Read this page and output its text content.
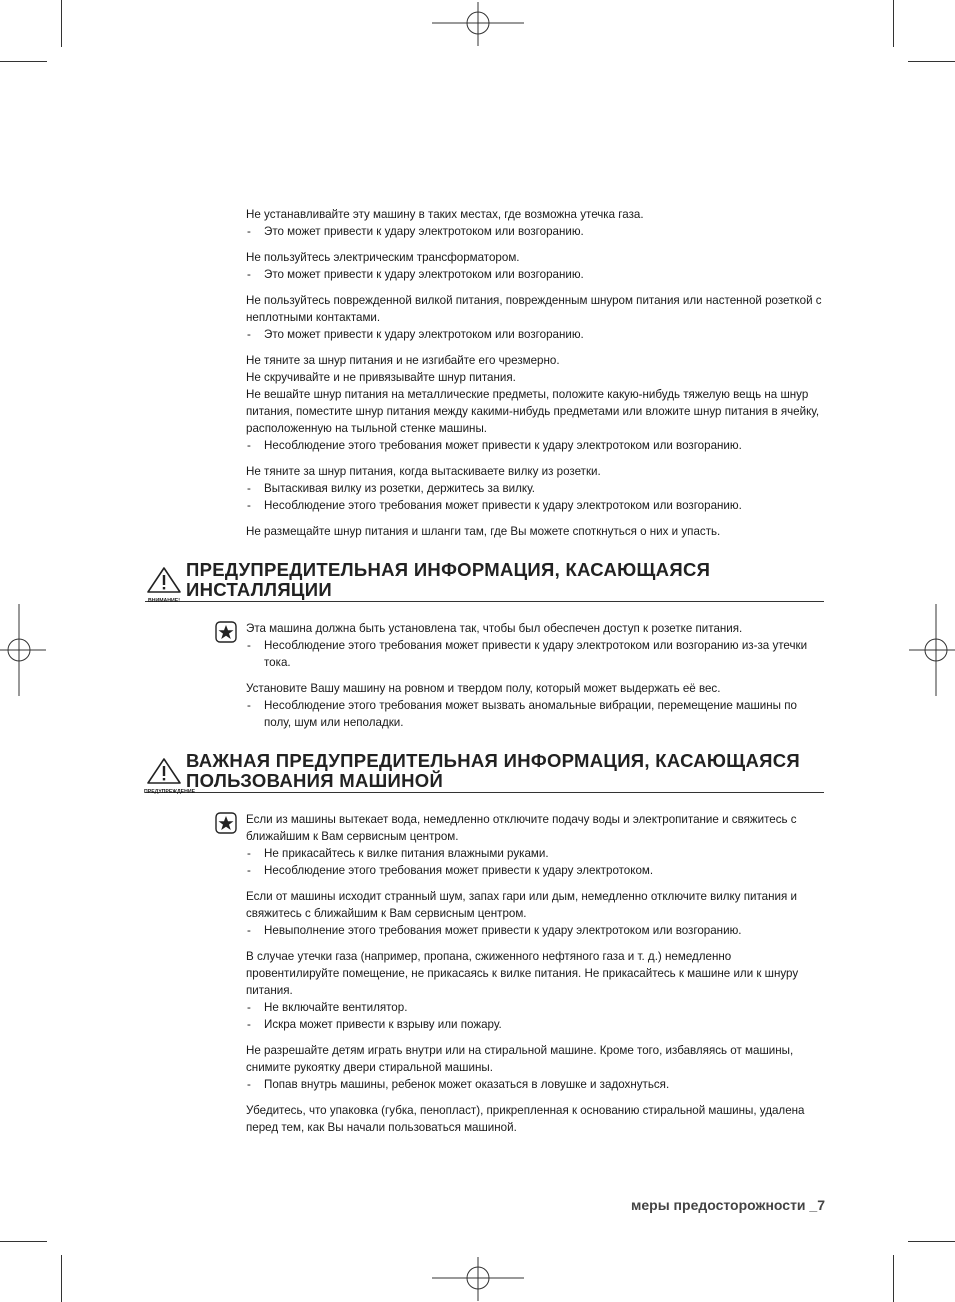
Не устанавливайте эту машину в таких местах, где возможна утечка газа.
- Это может привести к удару электротоком или возгоранию.
Не пользуйтесь электрическим трансформатором.
- Это может привести к удару электротоком или возгоранию.
Не пользуйтесь поврежденной вилкой питания, поврежденным шнуром питания или настенной розеткой с неплотными контактами.
- Это может привести к удару электротоком или возгоранию.
Не тяните за шнур питания и не изгибайте его чрезмерно.
Не скручивайте и не привязывайте шнур питания.
Не вешайте шнур питания на металлические предметы, положите какую-нибудь тяжелую вещь на шнур питания, поместите шнур питания между какими-нибудь предметами или вложите шнур питания в ячейку, расположенную на тыльной стенке машины.
- Несоблюдение этого требования может привести к удару электротоком или возгоранию.
Не тяните за шнур питания, когда вытаскиваете вилку из розетки.
- Вытаскивая вилку из розетки, держитесь за вилку.
- Несоблюдение этого требования может привести к удару электротоком или возгоранию.
Не размещайте шнур питания и шланги там, где Вы можете споткнуться о них и упасть.
ВНИМАНИЕ!
ПРЕДУПРЕДИТЕЛЬНАЯ ИНФОРМАЦИЯ, КАСАЮЩАЯСЯ
ИНСТАЛЛЯЦИИ
Эта машина должна быть установлена так, чтобы был обеспечен доступ к розетке питания.
- Несоблюдение этого требования может привести к удару электротоком или возгоранию из-за утечки тока.
Установите Вашу машину на ровном и твердом полу, который может выдержать её вес.
- Несоблюдение этого требования может вызвать аномальные вибрации, перемещение машины по полу, шум или неполадки.
ПРЕДУПРЕЖДЕНИЕ
ВАЖНАЯ ПРЕДУПРЕДИТЕЛЬНАЯ ИНФОРМАЦИЯ, КАСАЮЩАЯСЯ
ПОЛЬЗОВАНИЯ МАШИНОЙ
Если из машины вытекает вода, немедленно отключите подачу воды и электропитание и свяжитесь с ближайшим к Вам сервисным центром.
- Не прикасайтесь к вилке питания влажными руками.
- Несоблюдение этого требования может привести к удару электротоком.
Если от машины исходит странный шум, запах гари или дым, немедленно отключите вилку питания и свяжитесь с ближайшим к Вам сервисным центром.
- Невыполнение этого требования может привести к удару электротоком или возгоранию.
В случае утечки газа (например, пропана, сжиженного нефтяного газа и т. д.) немедленно провентилируйте помещение, не прикасаясь к вилке питания. Не прикасайтесь к машине или к шнуру питания.
- Не включайте вентилятор.
- Искра может привести к взрыву или пожару.
Не разрешайте детям играть внутри или на стиральной машине. Кроме того, избавляясь от машины, снимите рукоятку двери стиральной машины.
- Попав внутрь машины, ребенок может оказаться в ловушке и задохнуться.
Убедитесь, что упаковка (губка, пенопласт), прикрепленная к основанию стиральной машины, удалена перед тем, как Вы начали пользоваться машиной.
меры предосторожности _7
